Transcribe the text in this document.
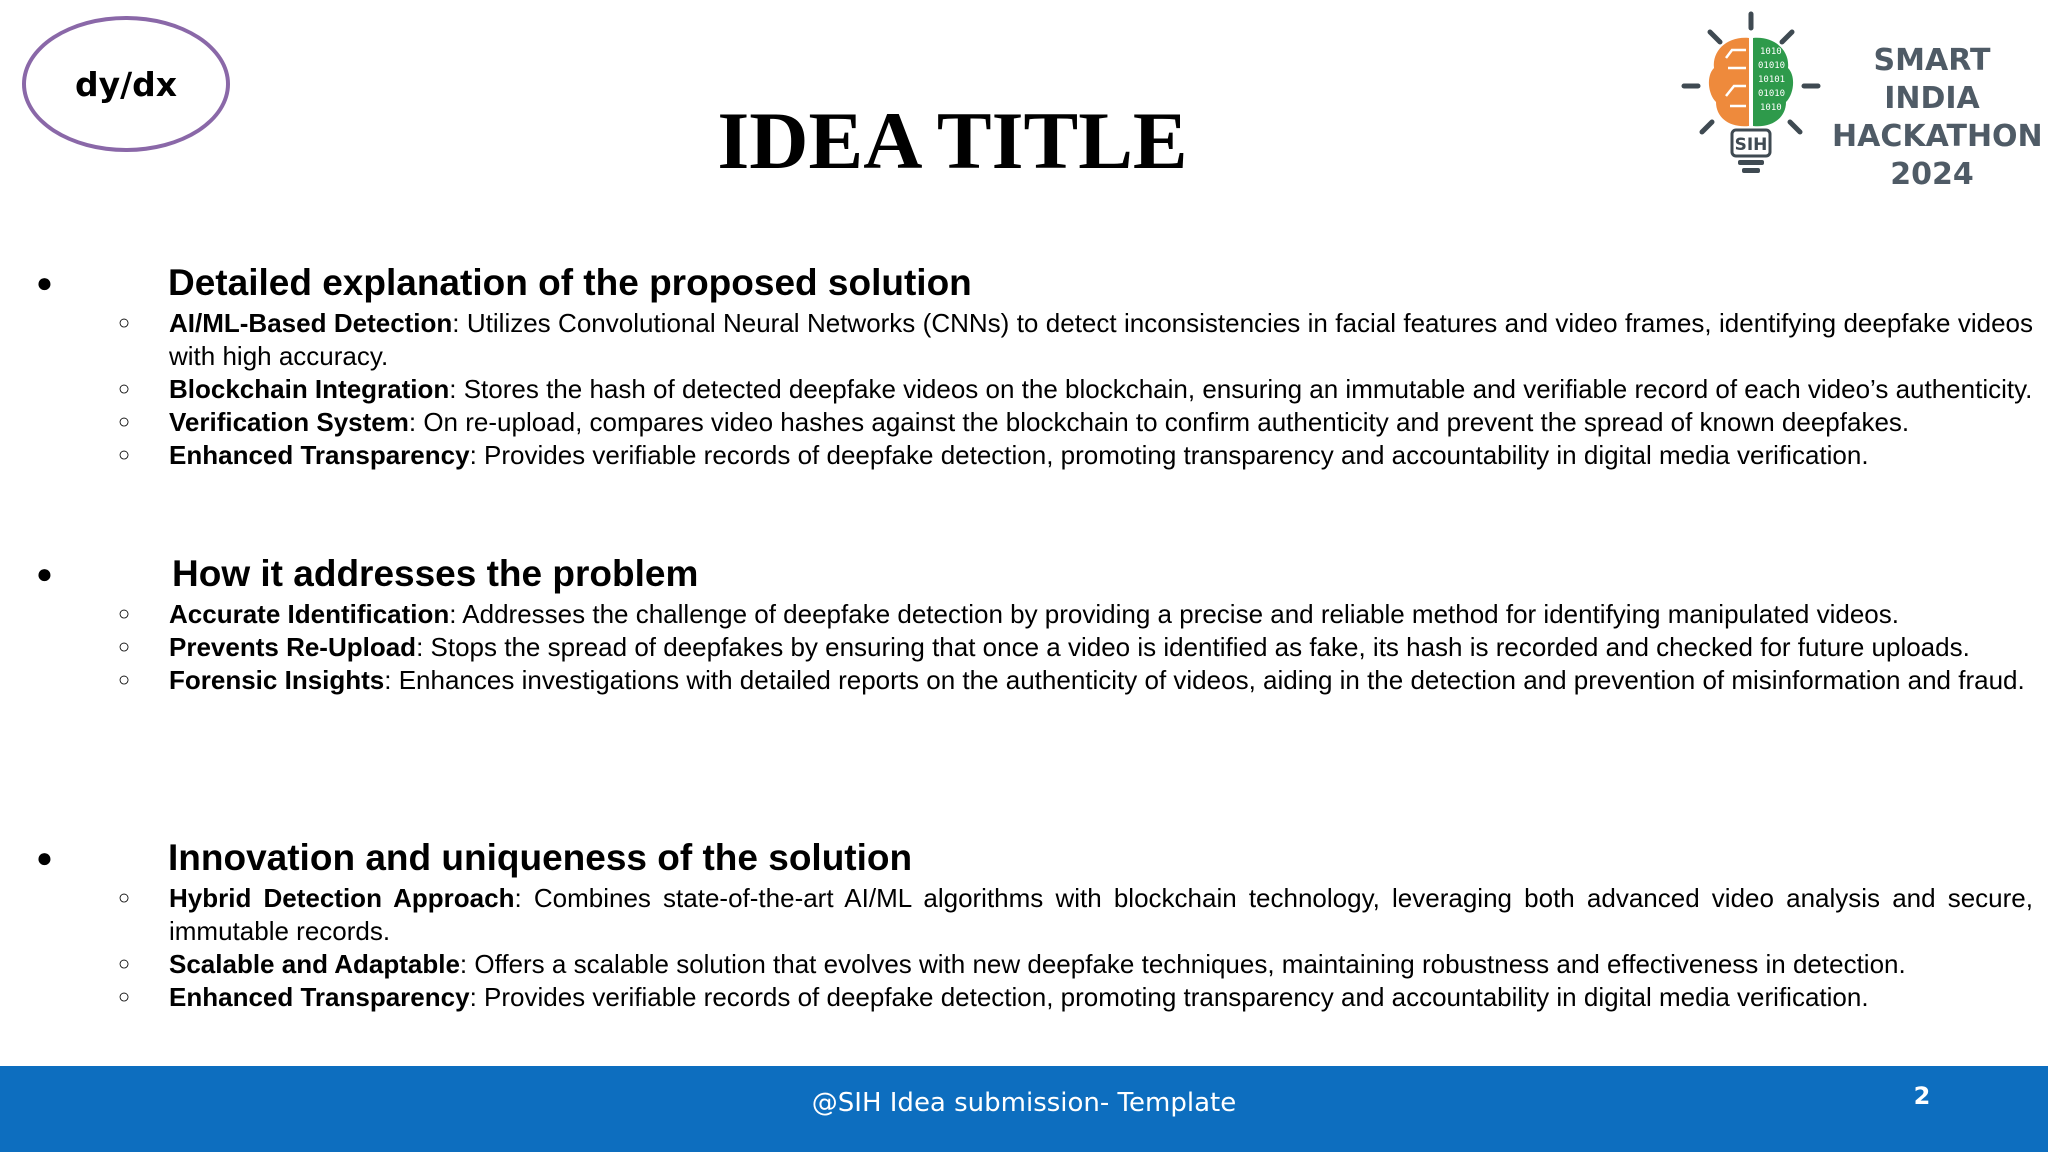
dy/dx
IDEA TITLE
1010
01010
10101
01010
1010
SIH
SMART INDIA
HACKATHON
2024
●	Detailed explanation of the proposed solution
○ AI/ML-Based Detection: Utilizes Convolutional Neural Networks (CNNs) to detect inconsistencies in facial features and video frames, identifying deepfake videos with high accuracy.
○ Blockchain Integration: Stores the hash of detected deepfake videos on the blockchain, ensuring an immutable and verifiable record of each video’s authenticity.
○ Verification System: On re-upload, compares video hashes against the blockchain to confirm authenticity and prevent the spread of known deepfakes.
○ Enhanced Transparency: Provides verifiable records of deepfake detection, promoting transparency and accountability in digital media verification.
●	How it addresses the problem
○ Accurate Identification: Addresses the challenge of deepfake detection by providing a precise and reliable method for identifying manipulated videos.
○ Prevents Re-Upload: Stops the spread of deepfakes by ensuring that once a video is identified as fake, its hash is recorded and checked for future uploads.
○ Forensic Insights: Enhances investigations with detailed reports on the authenticity of videos, aiding in the detection and prevention of misinformation and fraud.
●	Innovation and uniqueness of the solution
○ Hybrid Detection Approach: Combines state-of-the-art AI/ML algorithms with blockchain technology, leveraging both advanced video analysis and secure, immutable records.
○ Scalable and Adaptable: Offers a scalable solution that evolves with new deepfake techniques, maintaining robustness and effectiveness in detection.
○ Enhanced Transparency: Provides verifiable records of deepfake detection, promoting transparency and accountability in digital media verification.
@SIH Idea submission- Template	2
